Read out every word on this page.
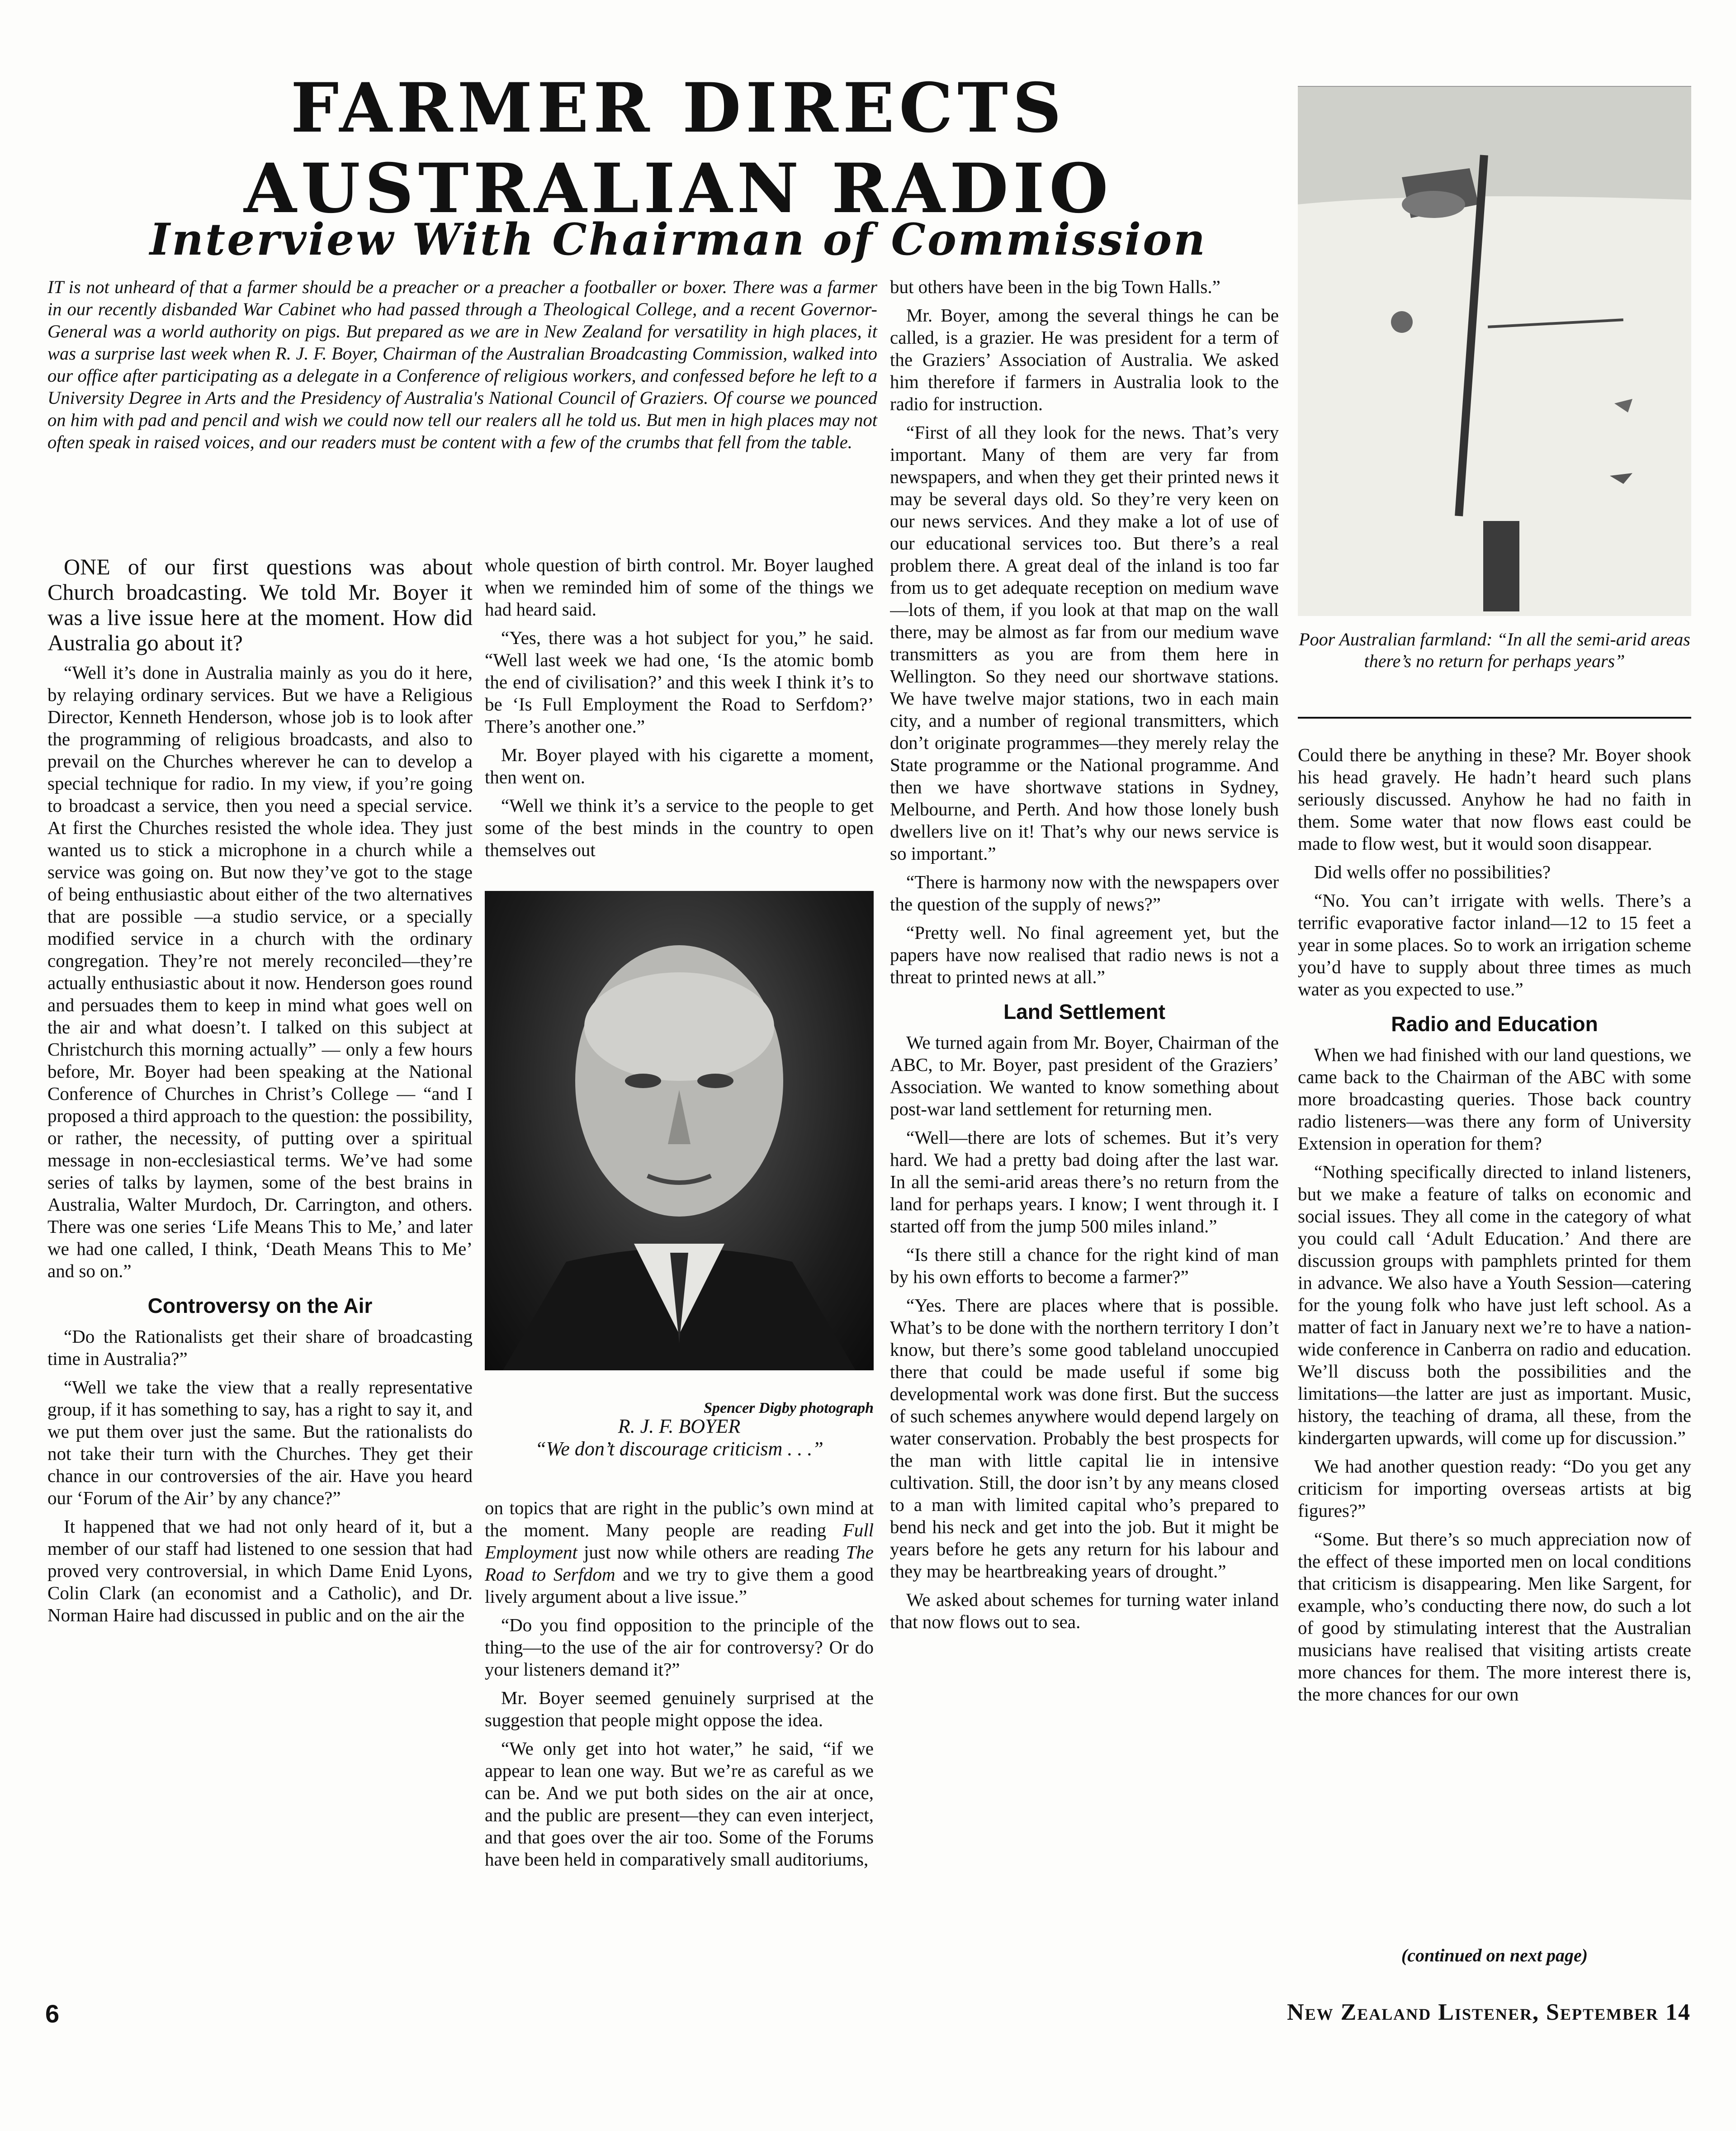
FARMER DIRECTS AUSTRALIAN RADIO
Interview With Chairman of Commission

IT is not unheard of that a farmer should be a preacher or a preacher a footballer or boxer. There was a farmer in our recently disbanded War Cabinet who had passed through a Theological College, and a recent Governor-General was a world authority on pigs. But prepared as we are in New Zealand for versatility in high places, it was a surprise last week when R. J. F. Boyer, Chairman of the Australian Broadcasting Commission, walked into our office after participating as a delegate in a Conference of religious workers, and confessed before he left to a University Degree in Arts and the Presidency of Australia's National Council of Graziers. Of course we pounced on him with pad and pencil and wish we could now tell our realers all he told us. But men in high places may not often speak in raised voices, and our readers must be content with a few of the crumbs that fell from the table.

ONE of our first questions was about Church broadcasting. We told Mr. Boyer it was a live issue here at the moment. How did Australia go about it?

“Well it’s done in Australia mainly as you do it here, by relaying ordinary services. But we have a Religious Director, Kenneth Henderson, whose job is to look after the programming of religious broadcasts, and also to prevail on the Churches wherever he can to develop a special technique for radio. In my view, if you’re going to broadcast a service, then you need a special service. At first the Churches resisted the whole idea. They just wanted us to stick a microphone in a church while a service was going on. But now they’ve got to the stage of being enthusiastic about either of the two alternatives that are possible —a studio service, or a specially modified service in a church with the ordinary congregation. They’re not merely reconciled—they’re actually enthusiastic about it now. Henderson goes round and persuades them to keep in mind what goes well on the air and what doesn’t. I talked on this subject at Christchurch this morning actually” — only a few hours before, Mr. Boyer had been speaking at the National Conference of Churches in Christ’s College — “and I proposed a third approach to the question: the possibility, or rather, the necessity, of putting over a spiritual message in non-ecclesiastical terms. We’ve had some series of talks by laymen, some of the best brains in Australia, Walter Murdoch, Dr. Carrington, and others. There was one series ‘Life Means This to Me,’ and later we had one called, I think, ‘Death Means This to Me’ and so on.”

Controversy on the Air

“Do the Rationalists get their share of broadcasting time in Australia?”

“Well we take the view that a really representative group, if it has something to say, has a right to say it, and we put them over just the same. But the rationalists do not take their turn with the Churches. They get their chance in our controversies of the air. Have you heard our ‘Forum of the Air’ by any chance?”

It happened that we had not only heard of it, but a member of our staff had listened to one session that had proved very controversial, in which Dame Enid Lyons, Colin Clark (an economist and a Catholic), and Dr. Norman Haire had discussed in public and on the air the

whole question of birth control. Mr. Boyer laughed when we reminded him of some of the things we had heard said.

“Yes, there was a hot subject for you,” he said. “Well last week we had one, ‘Is the atomic bomb the end of civilisation?’ and this week I think it’s to be ‘Is Full Employment the Road to Serfdom?’ There’s another one.”

Mr. Boyer played with his cigarette a moment, then went on.

“Well we think it’s a service to the people to get some of the best minds in the country to open themselves out

Spencer Digby photograph
R. J. F. BOYER
“We don’t discourage criticism . . .”

on topics that are right in the public’s own mind at the moment. Many people are reading Full Employment just now while others are reading The Road to Serfdom and we try to give them a good lively argument about a live issue.”

“Do you find opposition to the principle of the thing—to the use of the air for controversy? Or do your listeners demand it?”

Mr. Boyer seemed genuinely surprised at the suggestion that people might oppose the idea.

“We only get into hot water,” he said, “if we appear to lean one way. But we’re as careful as we can be. And we put both sides on the air at once, and the public are present—they can even interject, and that goes over the air too. Some of the Forums have been held in comparatively small auditoriums,

but others have been in the big Town Halls.”

Mr. Boyer, among the several things he can be called, is a grazier. He was president for a term of the Graziers’ Association of Australia. We asked him therefore if farmers in Australia look to the radio for instruction.

“First of all they look for the news. That’s very important. Many of them are very far from newspapers, and when they get their printed news it may be several days old. So they’re very keen on our news services. And they make a lot of use of our educational services too. But there’s a real problem there. A great deal of the inland is too far from us to get adequate reception on medium wave—lots of them, if you look at that map on the wall there, may be almost as far from our medium wave transmitters as you are from them here in Wellington. So they need our shortwave stations. We have twelve major stations, two in each main city, and a number of regional transmitters, which don’t originate programmes—they merely relay the State programme or the National programme. And then we have shortwave stations in Sydney, Melbourne, and Perth. And how those lonely bush dwellers live on it! That’s why our news service is so important.”

“There is harmony now with the newspapers over the question of the supply of news?”

“Pretty well. No final agreement yet, but the papers have now realised that radio news is not a threat to printed news at all.”

Land Settlement

We turned again from Mr. Boyer, Chairman of the ABC, to Mr. Boyer, past president of the Graziers’ Association. We wanted to know something about post-war land settlement for returning men.

“Well—there are lots of schemes. But it’s very hard. We had a pretty bad doing after the last war. In all the semi-arid areas there’s no return from the land for perhaps years. I know; I went through it. I started off from the jump 500 miles inland.”

“Is there still a chance for the right kind of man by his own efforts to become a farmer?”

“Yes. There are places where that is possible. What’s to be done with the northern territory I don’t know, but there’s some good tableland unoccupied there that could be made useful if some big developmental work was done first. But the success of such schemes anywhere would depend largely on water conservation. Probably the best prospects for the man with little capital lie in intensive cultivation. Still, the door isn’t by any means closed to a man with limited capital who’s prepared to bend his neck and get into the job. But it might be years before he gets any return for his labour and they may be heartbreaking years of drought.”

We asked about schemes for turning water inland that now flows out to sea.

Poor Australian farmland: “In all the semi-arid areas there’s no return for perhaps years”

Could there be anything in these? Mr. Boyer shook his head gravely. He hadn’t heard such plans seriously discussed. Anyhow he had no faith in them. Some water that now flows east could be made to flow west, but it would soon disappear.

Did wells offer no possibilities?

“No. You can’t irrigate with wells. There’s a terrific evaporative factor inland—12 to 15 feet a year in some places. So to work an irrigation scheme you’d have to supply about three times as much water as you expected to use.”

Radio and Education

When we had finished with our land questions, we came back to the Chairman of the ABC with some more broadcasting queries. Those back country radio listeners—was there any form of University Extension in operation for them?

“Nothing specifically directed to inland listeners, but we make a feature of talks on economic and social issues. They all come in the category of what you could call ‘Adult Education.’ And there are discussion groups with pamphlets printed for them in advance. We also have a Youth Session—catering for the young folk who have just left school. As a matter of fact in January next we’re to have a nation-wide conference in Canberra on radio and education. We’ll discuss both the possibilities and the limitations—the latter are just as important. Music, history, the teaching of drama, all these, from the kindergarten upwards, will come up for discussion.”

We had another question ready: “Do you get any criticism for importing overseas artists at big figures?”

“Some. But there’s so much appreciation now of the effect of these imported men on local conditions that criticism is disappearing. Men like Sargent, for example, who’s conducting there now, do such a lot of good by stimulating interest that the Australian musicians have realised that visiting artists create more chances for them. The more interest there is, the more chances for our own

(continued on next page)
6	New Zealand Listener, September 14
